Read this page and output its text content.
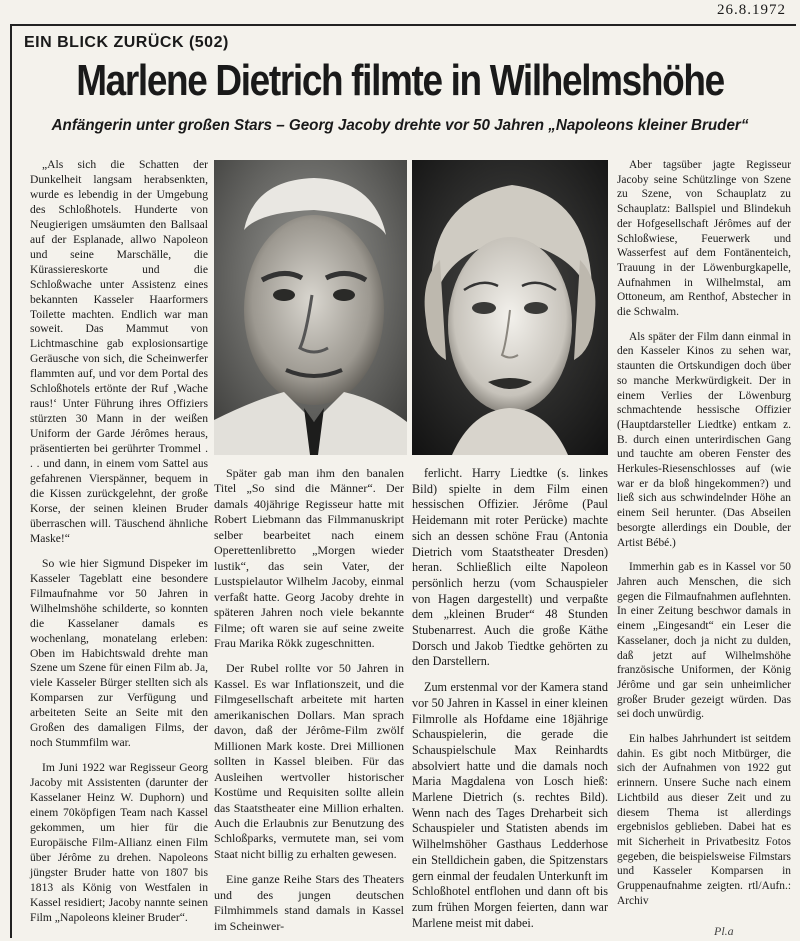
26.8.1972
EIN BLICK ZURÜCK (502)
Marlene Dietrich filmte in Wilhelmshöhe
Anfängerin unter großen Stars – Georg Jacoby drehte vor 50 Jahren „Napoleons kleiner Bruder“

„Als sich die Schatten der Dunkelheit langsam herabsenkten, wurde es lebendig in der Umgebung des Schloßhotels. Hunderte von Neugierigen umsäumten den Ballsaal auf der Esplanade, allwo Napoleon und seine Marschälle, die Kürassiereskorte und die Schloßwache unter Assistenz eines bekannten Kasseler Haarformers Toilette machten. Endlich war man soweit. Das Mammut von Lichtmaschine gab explosionsartige Geräusche von sich, die Scheinwerfer flammten auf, und vor dem Portal des Schloßhotels ertönte der Ruf ‚Wache raus!‘ Unter Führung ihres Offiziers stürzten 30 Mann in der weißen Uniform der Garde Jérômes heraus, präsentierten bei gerührter Trommel . . . und dann, in einem vom Sattel aus gefahrenen Vierspänner, bequem in die Kissen zurückgelehnt, der große Korse, der seinen kleinen Bruder überraschen will. Täuschend ähnliche Maske!“

So wie hier Sigmund Dispeker im Kasseler Tageblatt eine besondere Filmaufnahme vor 50 Jahren in Wilhelmshöhe schilderte, so konnten die Kasselaner damals es wochenlang, monatelang erleben: Oben im Habichtswald drehte man Szene um Szene für einen Film ab. Ja, viele Kasseler Bürger stellten sich als Komparsen zur Verfügung und arbeiteten Seite an Seite mit den Großen des damaligen Films, der noch Stummfilm war.

Im Juni 1922 war Regisseur Georg Jacoby mit Assistenten (darunter der Kasselaner Heinz W. Duphorn) und einem 70köpfigen Team nach Kassel gekommen, um hier für die Europäische Film-Allianz einen Film über Jérôme zu drehen. Napoleons jüngster Bruder hatte von 1807 bis 1813 als König von Westfalen in Kassel residiert; Jacoby nannte seinen Film „Napoleons kleiner Bruder“.

Später gab man ihm den banalen Titel „So sind die Männer“. Der damals 40jährige Regisseur hatte mit Robert Liebmann das Filmmanuskript selber bearbeitet nach einem Operettenlibretto „Morgen wieder lustik“, das sein Vater, der Lustspielautor Wilhelm Jacoby, einmal verfaßt hatte. Georg Jacoby drehte in späteren Jahren noch viele bekannte Filme; oft waren sie auf seine zweite Frau Marika Rökk zugeschnitten.

Der Rubel rollte vor 50 Jahren in Kassel. Es war Inflationszeit, und die Filmgesellschaft arbeitete mit harten amerikanischen Dollars. Man sprach davon, daß der Jérôme-Film zwölf Millionen Mark koste. Drei Millionen sollten in Kassel bleiben. Für das Ausleihen wertvoller historischer Kostüme und Requisiten sollte allein das Staatstheater eine Million erhalten. Auch die Erlaubnis zur Benutzung des Schloßparks, vermutete man, sei vom Staat nicht billig zu erhalten gewesen.

Eine ganze Reihe Stars des Theaters und des jungen deutschen Filmhimmels stand damals in Kassel im Scheinwer-

ferlicht. Harry Liedtke (s. linkes Bild) spielte in dem Film einen hessischen Offizier. Jérôme (Paul Heidemann mit roter Perücke) machte sich an dessen schöne Frau (Antonia Dietrich vom Staatstheater Dresden) heran. Schließlich eilte Napoleon persönlich herzu (vom Schauspieler von Hagen dargestellt) und verpaßte dem „kleinen Bruder“ 48 Stunden Stubenarrest. Auch die große Käthe Dorsch und Jakob Tiedtke gehörten zu den Darstellern.

Zum erstenmal vor der Kamera stand vor 50 Jahren in Kassel in einer kleinen Filmrolle als Hofdame eine 18jährige Schauspielerin, die gerade die Schauspielschule Max Reinhardts absolviert hatte und die damals noch Maria Magdalena von Losch hieß: Marlene Dietrich (s. rechtes Bild). Wenn nach des Tages Dreharbeit sich Schauspieler und Statisten abends im Wilhelmshöher Gasthaus Ledderhose ein Stelldichein gaben, die Spitzenstars gern einmal der feudalen Unterkunft im Schloßhotel entflohen und dann oft bis zum frühen Morgen feierten, dann war Marlene meist mit dabei.

Aber tagsüber jagte Regisseur Jacoby seine Schützlinge von Szene zu Szene, von Schauplatz zu Schauplatz: Ballspiel und Blindekuh der Hofgesellschaft Jérômes auf der Schloßwiese, Feuerwerk und Wasserfest auf dem Fontänenteich, Trauung in der Löwenburgkapelle, Aufnahmen in Wilhelmstal, am Ottoneum, am Renthof, Abstecher in die Schwalm.

Als später der Film dann einmal in den Kasseler Kinos zu sehen war, staunten die Ortskundigen doch über so manche Merkwürdigkeit. Der in einem Verlies der Löwenburg schmachtende hessische Offizier (Hauptdarsteller Liedtke) entkam z. B. durch einen unterirdischen Gang und tauchte am oberen Fenster des Herkules-Riesenschlosses auf (wie war er da bloß hingekommen?) und ließ sich aus schwindelnder Höhe an einem Seil herunter. (Das Abseilen besorgte allerdings ein Double, der Artist Bébé.)

Immerhin gab es in Kassel vor 50 Jahren auch Menschen, die sich gegen die Filmaufnahmen auflehnten. In einer Zeitung beschwor damals in einem „Eingesandt“ ein Leser die Kasselaner, doch ja nicht zu dulden, daß jetzt auf Wilhelmshöhe französische Uniformen, der König Jérôme und gar sein unheimlicher großer Bruder gezeigt würden. Das sei doch unwürdig.

Ein halbes Jahrhundert ist seitdem dahin. Es gibt noch Mitbürger, die sich der Aufnahmen von 1922 gut erinnern. Unsere Suche nach einem Lichtbild aus dieser Zeit und zu diesem Thema ist allerdings ergebnislos geblieben. Dabei hat es mit Sicherheit in Privatbesitz Fotos gegeben, die beispielsweise Filmstars und Kasseler Komparsen in Gruppenaufnahme zeigten. rtl/Aufn.: Archiv

Pl.a
